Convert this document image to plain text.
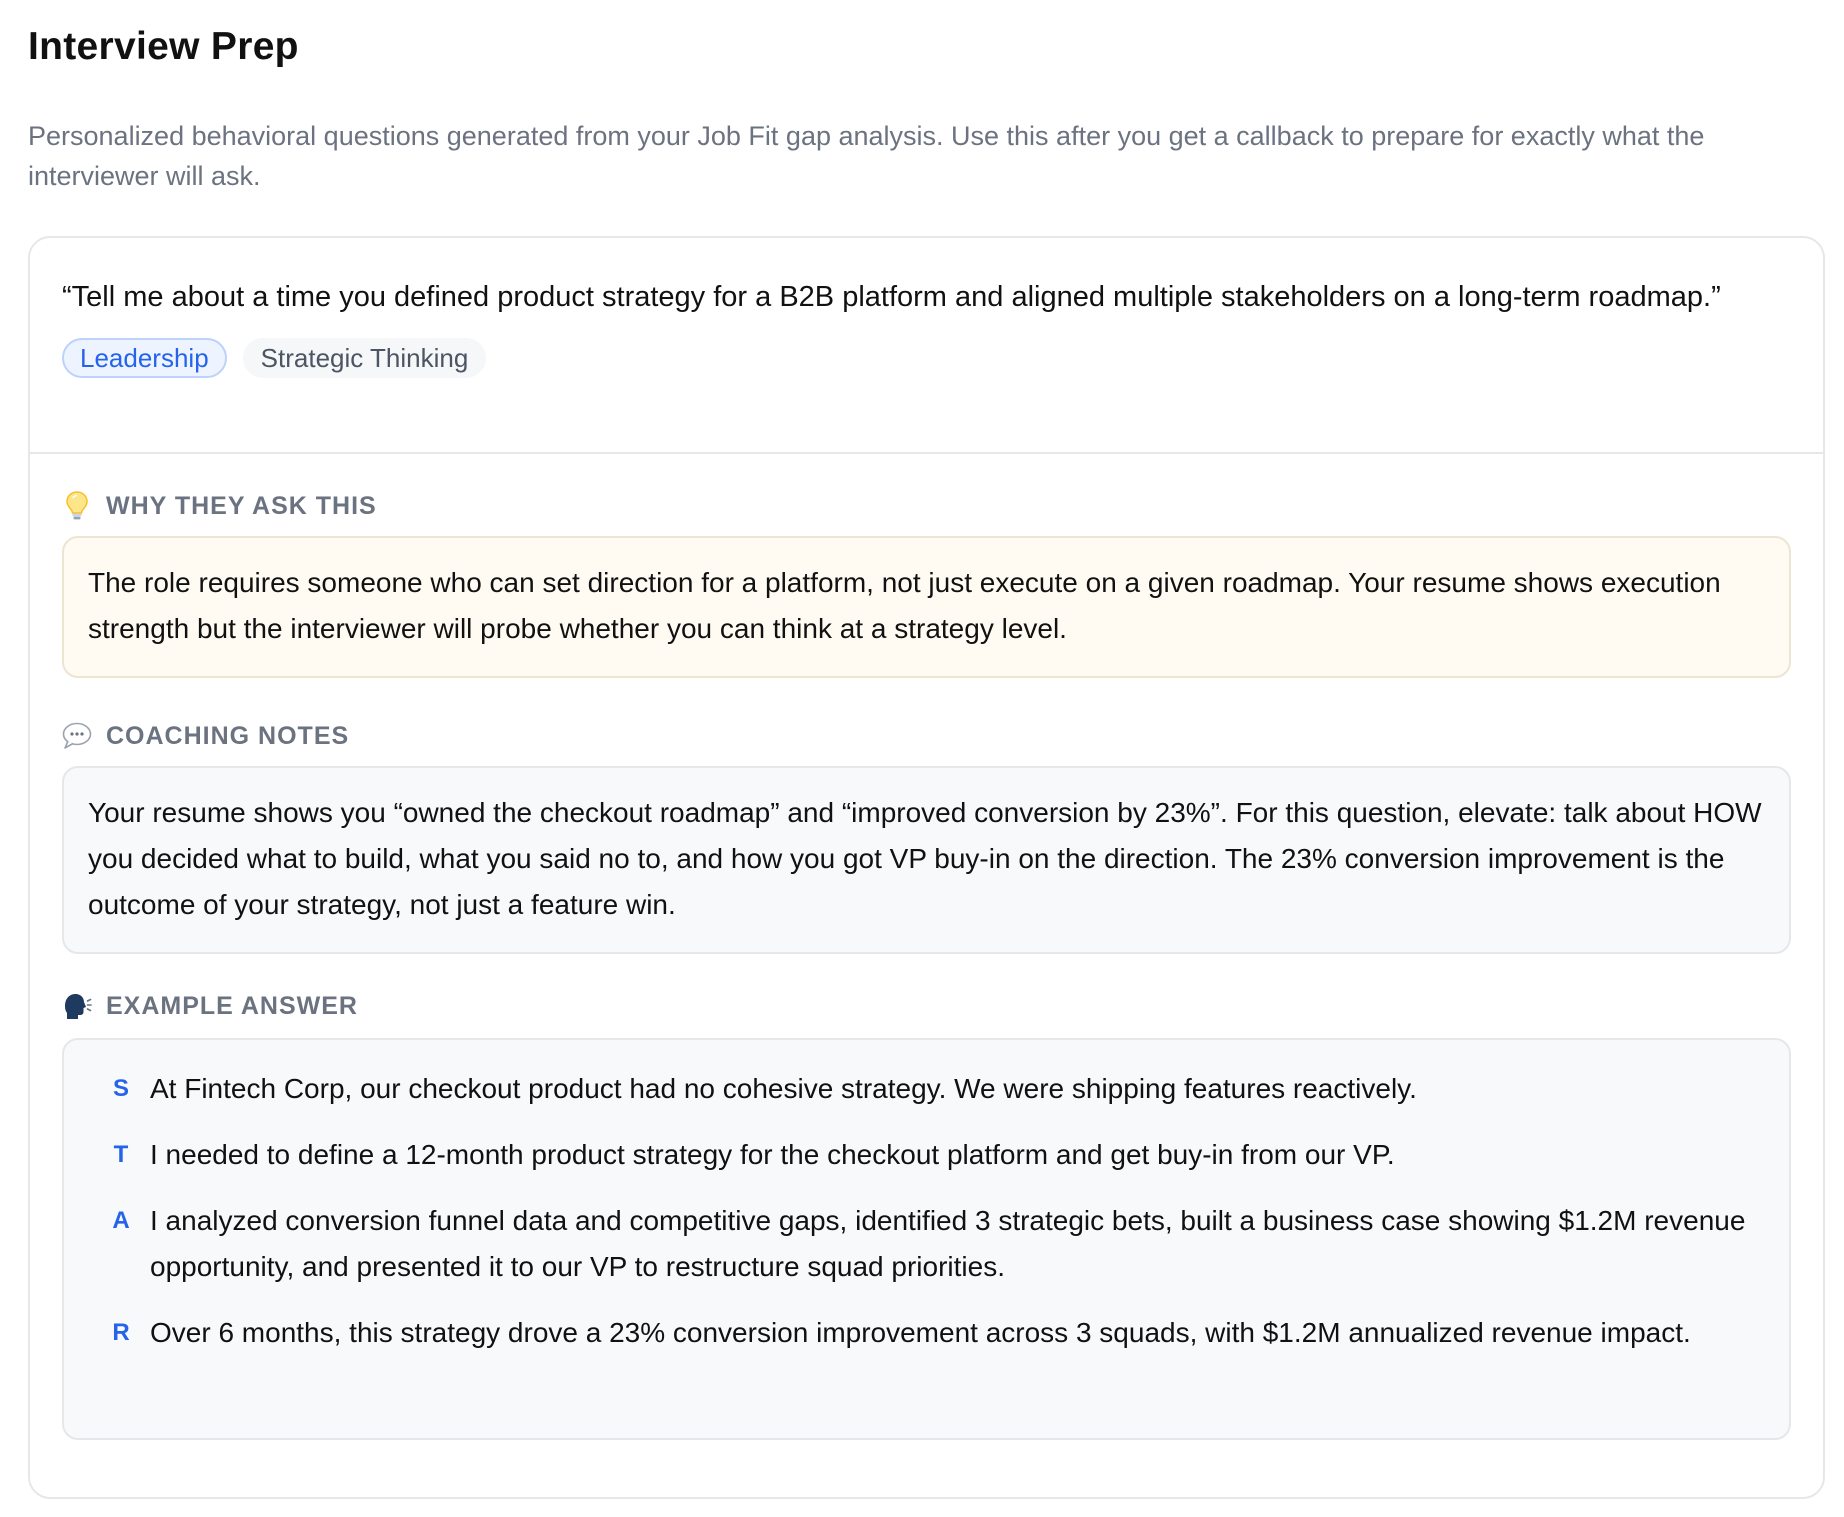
Interview Prep

Personalized behavioral questions generated from your Job Fit gap analysis. Use this after you get a callback to prepare for exactly what the interviewer will ask.

“Tell me about a time you defined product strategy for a B2B platform and aligned multiple stakeholders on a long-term roadmap.”

Leadership	Strategic Thinking
WHY THEY ASK THIS
The role requires someone who can set direction for a platform, not just execute on a given roadmap. Your resume shows execution strength but the interviewer will probe whether you can think at a strategy level.
COACHING NOTES
Your resume shows you “owned the checkout roadmap” and “improved conversion by 23%”. For this question, elevate: talk about HOW you decided what to build, what you said no to, and how you got VP buy-in on the direction. The 23% conversion improvement is the outcome of your strategy, not just a feature win.
EXAMPLE ANSWER
S At Fintech Corp, our checkout product had no cohesive strategy. We were shipping features reactively.
T I needed to define a 12-month product strategy for the checkout platform and get buy-in from our VP.
A I analyzed conversion funnel data and competitive gaps, identified 3 strategic bets, built a business case showing $1.2M revenue opportunity, and presented it to our VP to restructure squad priorities.
R Over 6 months, this strategy drove a 23% conversion improvement across 3 squads, with $1.2M annualized revenue impact.
